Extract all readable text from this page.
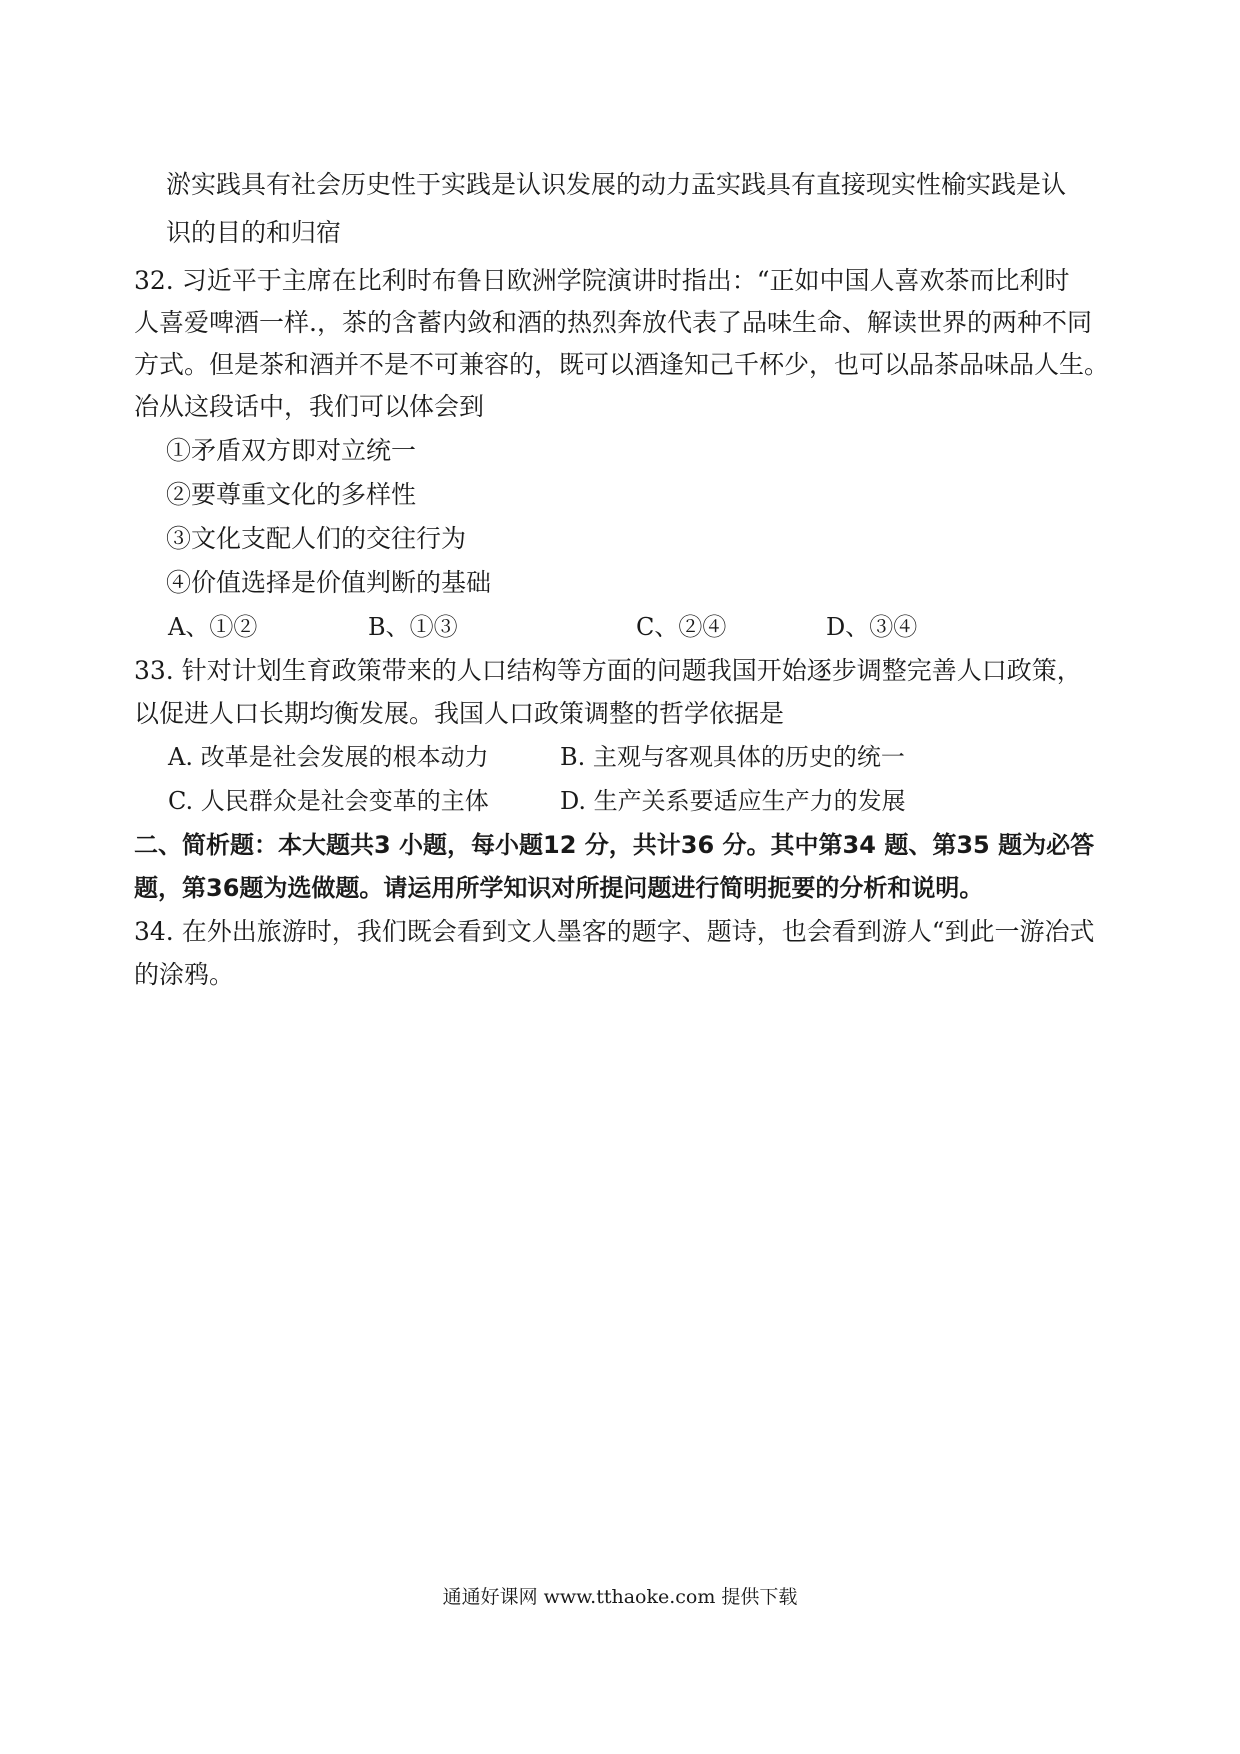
淤实践具有社会历史性于实践是认识发展的动力盂实践具有直接现实性榆实践是认
识的目的和归宿
32. 习近平于主席在比利时布鲁日欧洲学院演讲时指出：“正如中国人喜欢茶而比利时
人喜爱啤酒一样.，茶的含蓄内敛和酒的热烈奔放代表了品味生命、解读世界的两种不同
方式。但是茶和酒并不是不可兼容的，既可以酒逢知己千杯少，也可以品茶品味品人生。
冶从这段话中，我们可以体会到
①矛盾双方即对立统一
②要尊重文化的多样性
③文化支配人们的交往行为
④价值选择是价值判断的基础
A、①②	B、①③	C、②④	D、③④
33. 针对计划生育政策带来的人口结构等方面的问题我国开始逐步调整完善人口政策，
以促进人口长期均衡发展。我国人口政策调整的哲学依据是
A. 改革是社会发展的根本动力	B. 主观与客观具体的历史的统一
C. 人民群众是社会变革的主体	D. 生产关系要适应生产力的发展
二、简析题：本大题共3 小题，每小题12 分，共计36 分。其中第34 题、第35 题为必答
题，第36题为选做题。请运用所学知识对所提问题进行简明扼要的分析和说明。
34. 在外出旅游时，我们既会看到文人墨客的题字、题诗，也会看到游人“到此一游冶式
的涂鸦。
通通好课网 www.tthaoke.com 提供下载
